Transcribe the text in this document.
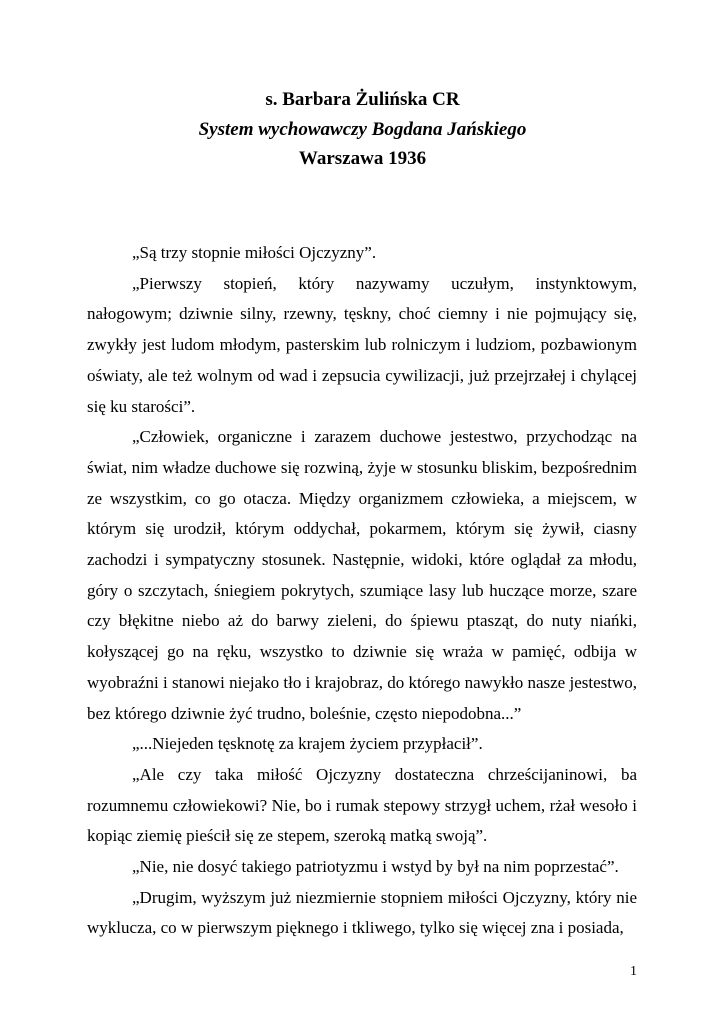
s. Barbara Żulińska CR
System wychowawczy Bogdana Jańskiego
Warszawa 1936

„Są trzy stopnie miłości Ojczyzny”.

„Pierwszy stopień, który nazywamy uczułym, instynktowym, nałogowym; dziwnie silny, rzewny, tęskny, choć ciemny i nie pojmujący się, zwykły jest ludom młodym, pasterskim lub rolniczym i ludziom, pozbawionym oświaty, ale też wolnym od wad i zepsucia cywilizacji, już przejrzałej i chylącej się ku starości”.

„Człowiek, organiczne i zarazem duchowe jestestwo, przychodząc na świat, nim władze duchowe się rozwiną, żyje w stosunku bliskim, bezpośrednim ze wszystkim, co go otacza. Między organizmem człowieka, a miejscem, w którym się urodził, którym oddychał, pokarmem, którym się żywił, ciasny zachodzi i sympatyczny stosunek. Następnie, widoki, które oglądał za młodu, góry o szczytach, śniegiem pokrytych, szumiące lasy lub huczące morze, szare czy błękitne niebo aż do barwy zieleni, do śpiewu ptasząt, do nuty niańki, kołyszącej go na ręku, wszystko to dziwnie się wraża w pamięć, odbija w wyobraźni i stanowi niejako tło i krajobraz, do którego nawykło nasze jestestwo, bez którego dziwnie żyć trudno, boleśnie, często niepodobna...”

„...Niejeden tęsknotę za krajem życiem przypłacił”.

„Ale czy taka miłość Ojczyzny dostateczna chrześcijaninowi, ba rozumnemu człowiekowi? Nie, bo i rumak stepowy strzygł uchem, rżał wesoło i kopiąc ziemię pieścił się ze stepem, szeroką matką swoją”.

„Nie, nie dosyć takiego patriotyzmu i wstyd by był na nim poprzestać”.

„Drugim, wyższym już niezmiernie stopniem miłości Ojczyzny, który nie wyklucza, co w pierwszym pięknego i tkliwego, tylko się więcej zna i posiada,

1
